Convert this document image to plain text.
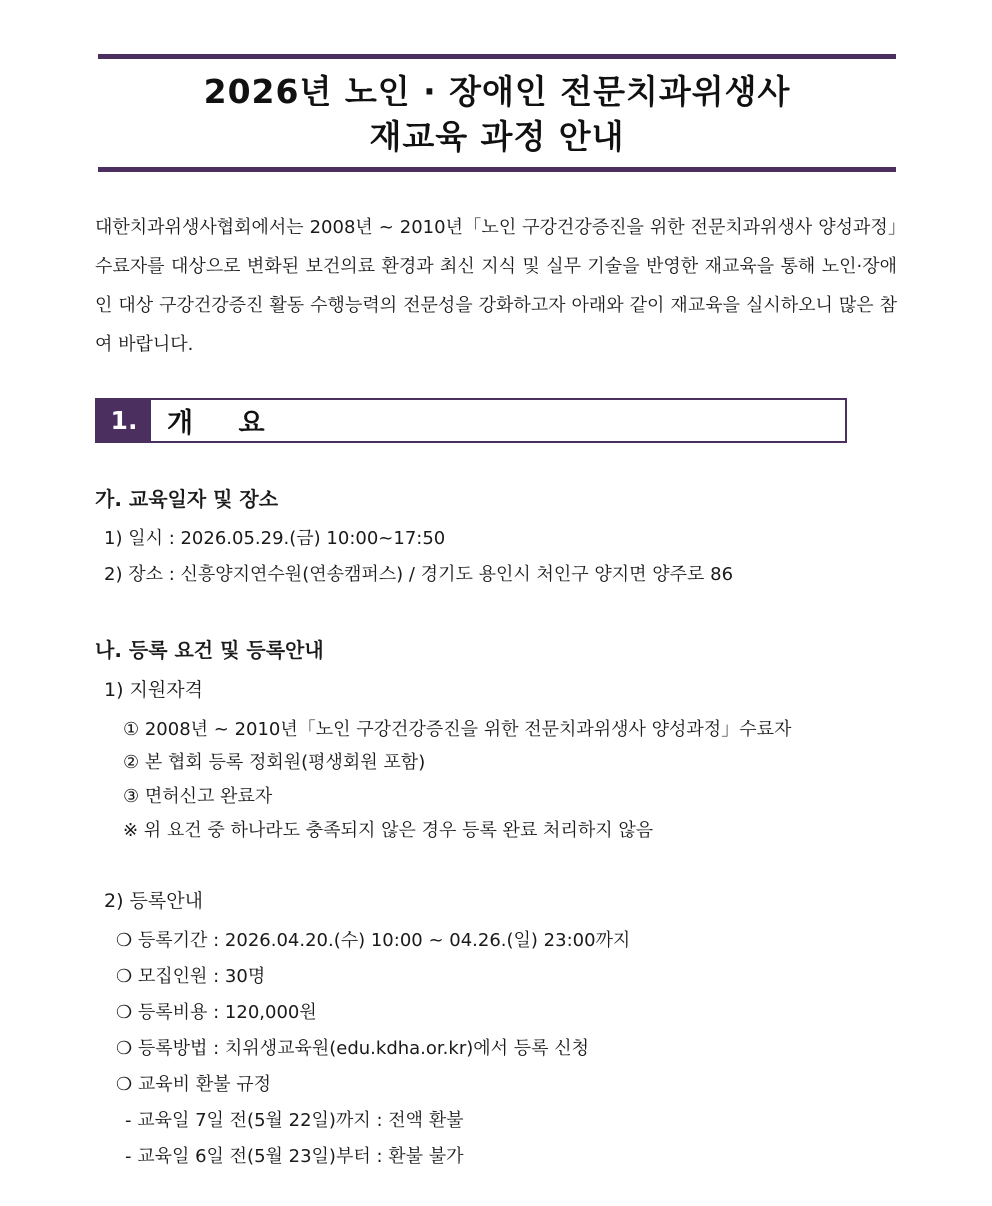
2026년 노인 · 장애인 전문치과위생사
재교육 과정 안내

대한치과위생사협회에서는 2008년 ~ 2010년「노인 구강건강증진을 위한 전문치과위생사 양성과정」수료자를 대상으로 변화된 보건의료 환경과 최신 지식 및 실무 기술을 반영한 재교육을 통해 노인·장애인 대상 구강건강증진 활동 수행능력의 전문성을 강화하고자 아래와 같이 재교육을 실시하오니 많은 참여 바랍니다.

1.	개 요
가. 교육일자 및 장소
1) 일시 : 2026.05.29.(금) 10:00~17:50
2) 장소 : 신흥양지연수원(연송캠퍼스) / 경기도 용인시 처인구 양지면 양주로 86
나. 등록 요건 및 등록안내
1) 지원자격
① 2008년 ~ 2010년「노인 구강건강증진을 위한 전문치과위생사 양성과정」수료자
② 본 협회 등록 정회원(평생회원 포함)
③ 면허신고 완료자
※ 위 요건 중 하나라도 충족되지 않은 경우 등록 완료 처리하지 않음
2) 등록안내
❍ 등록기간 : 2026.04.20.(수) 10:00 ~ 04.26.(일) 23:00까지
❍ 모집인원 : 30명
❍ 등록비용 : 120,000원
❍ 등록방법 : 치위생교육원(edu.kdha.or.kr)에서 등록 신청
❍ 교육비 환불 규정
- 교육일 7일 전(5월 22일)까지 : 전액 환불
- 교육일 6일 전(5월 23일)부터 : 환불 불가
